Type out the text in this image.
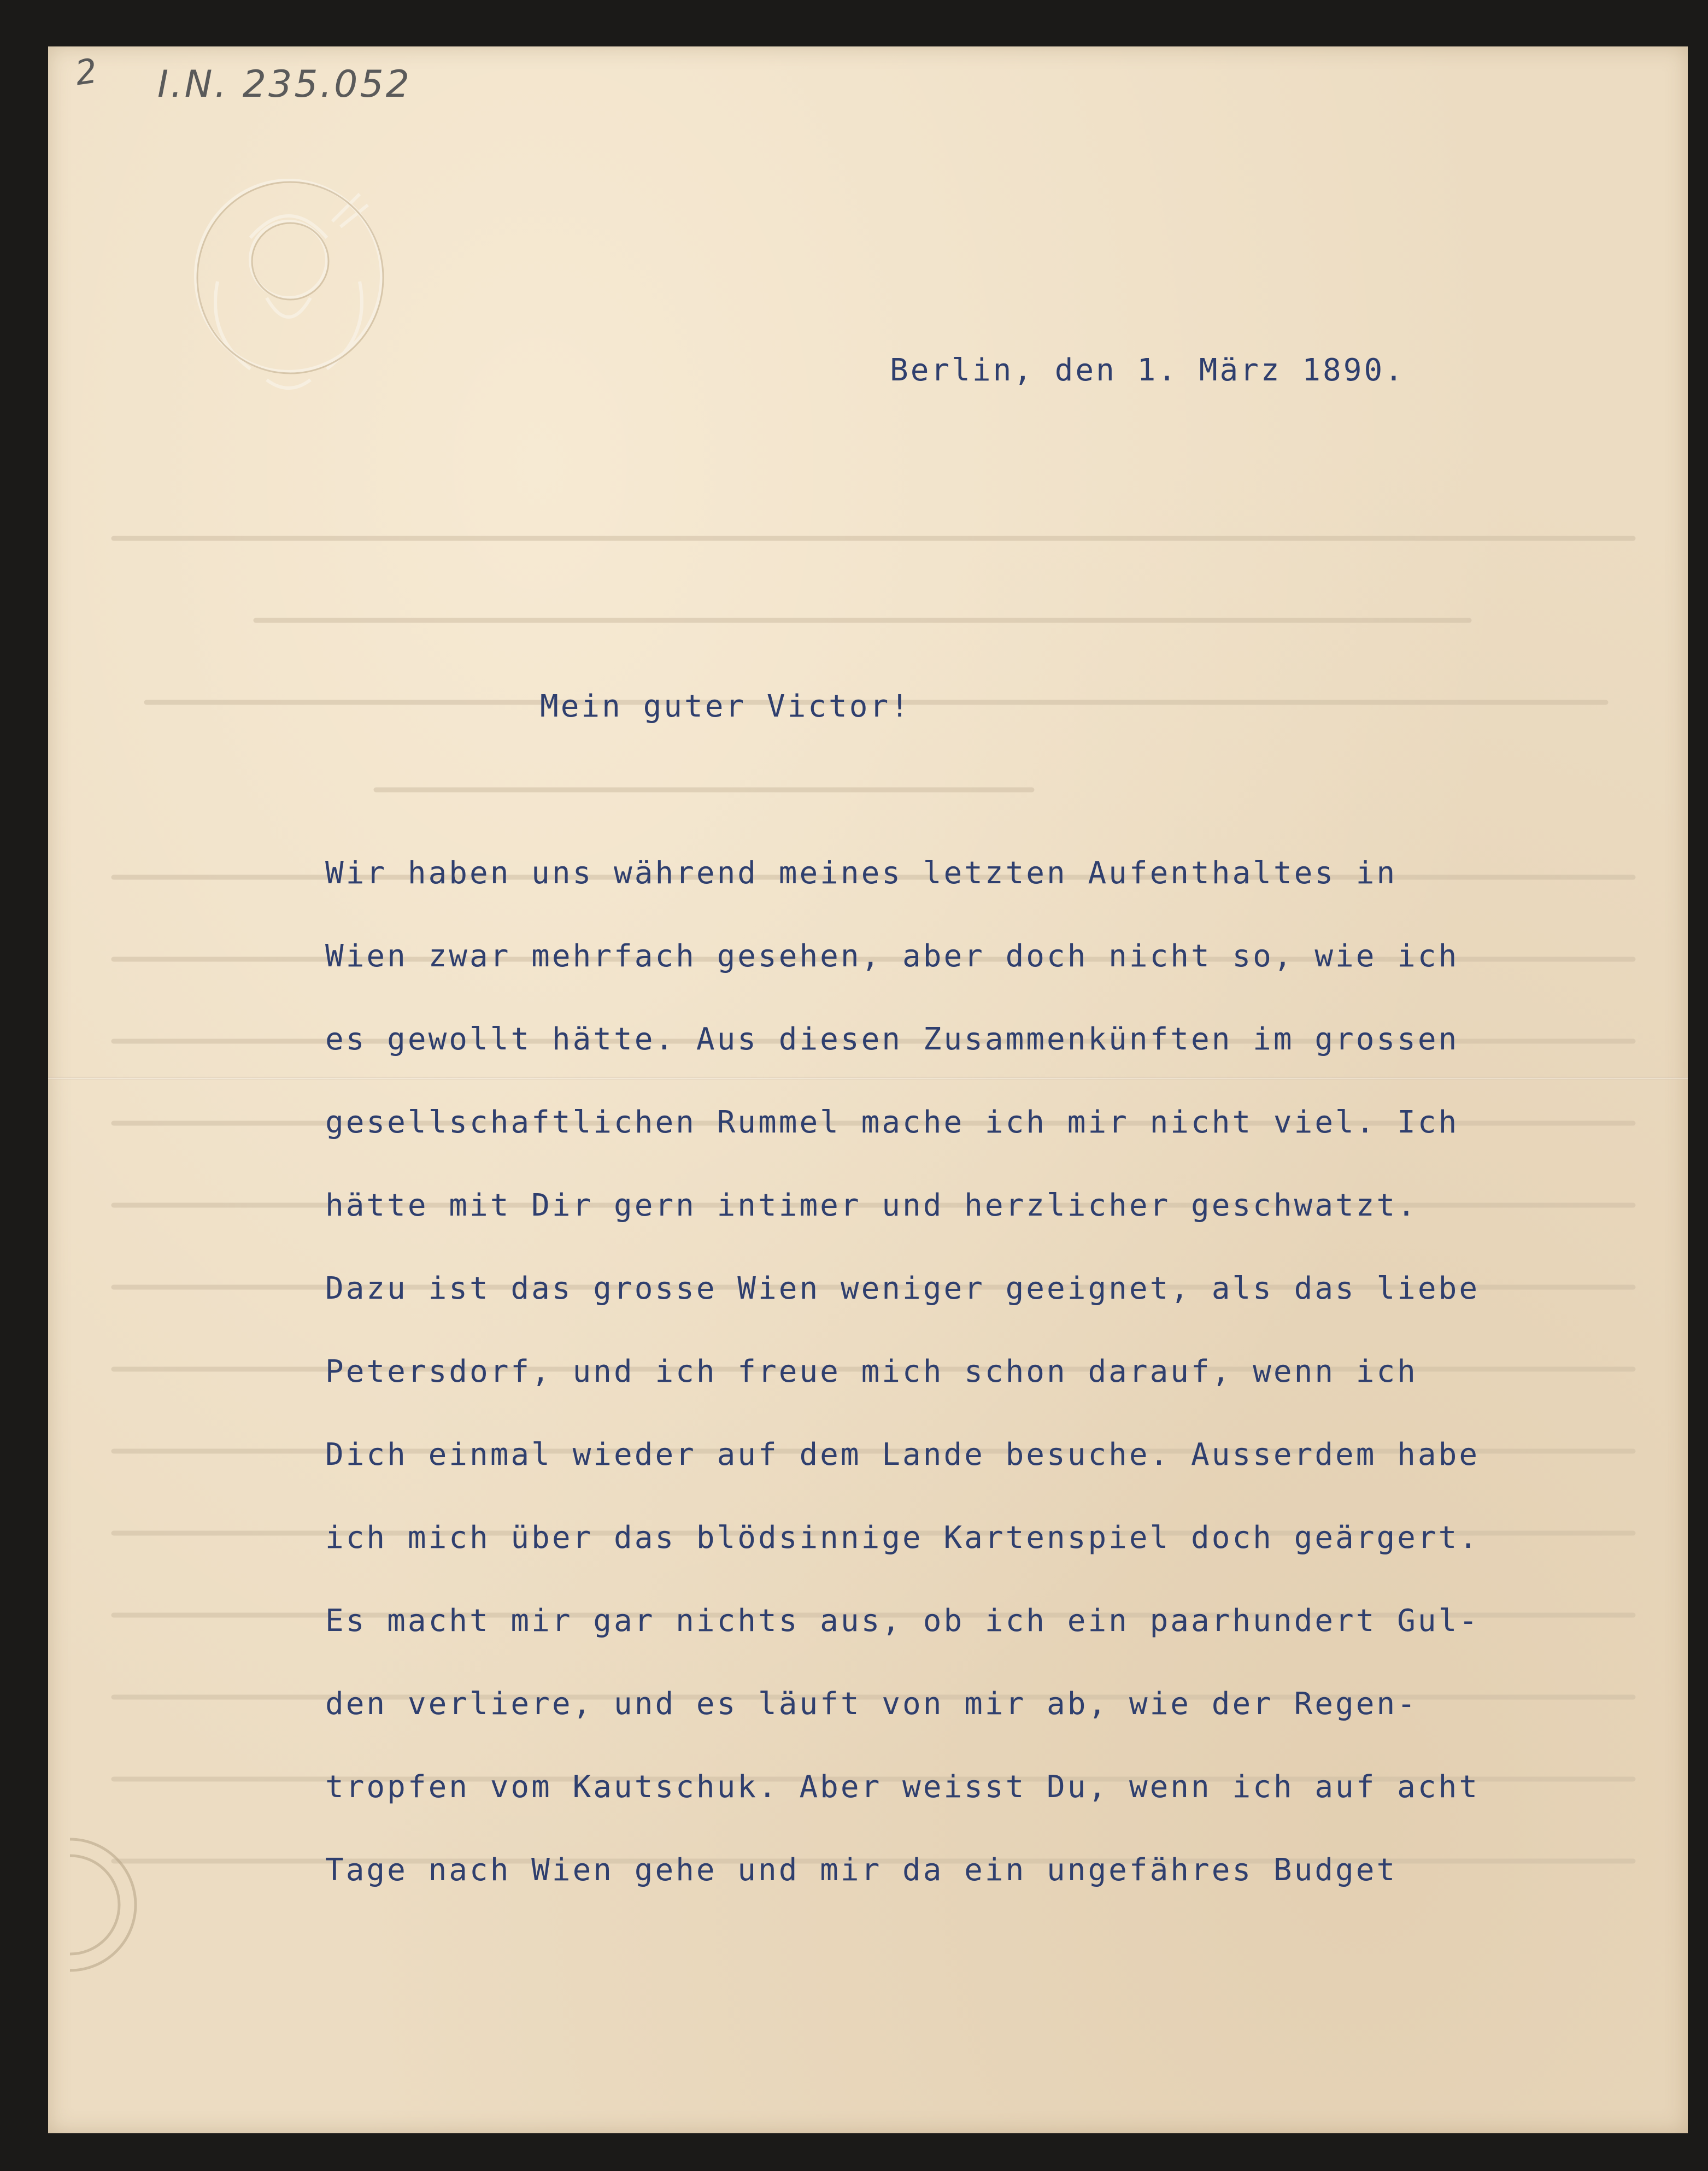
2 I.N. 235.052
Berlin, den 1. März 1890.
Mein guter Victor!
Wir haben uns während meines letzten Aufenthaltes in
Wien zwar mehrfach gesehen, aber doch nicht so, wie ich
es gewollt hätte. Aus diesen Zusammenkünften im grossen
gesellschaftlichen Rummel mache ich mir nicht viel. Ich
hätte mit Dir gern intimer und herzlicher geschwatzt.
Dazu ist das grosse Wien weniger geeignet, als das liebe
Petersdorf, und ich freue mich schon darauf, wenn ich
Dich einmal wieder auf dem Lande besuche. Ausserdem habe
ich mich über das blödsinnige Kartenspiel doch geärgert.
Es macht mir gar nichts aus, ob ich ein paarhundert Gul-
den verliere, und es läuft von mir ab, wie der Regen-
tropfen vom Kautschuk. Aber weisst Du, wenn ich auf acht
Tage nach Wien gehe und mir da ein ungefähres Budget
